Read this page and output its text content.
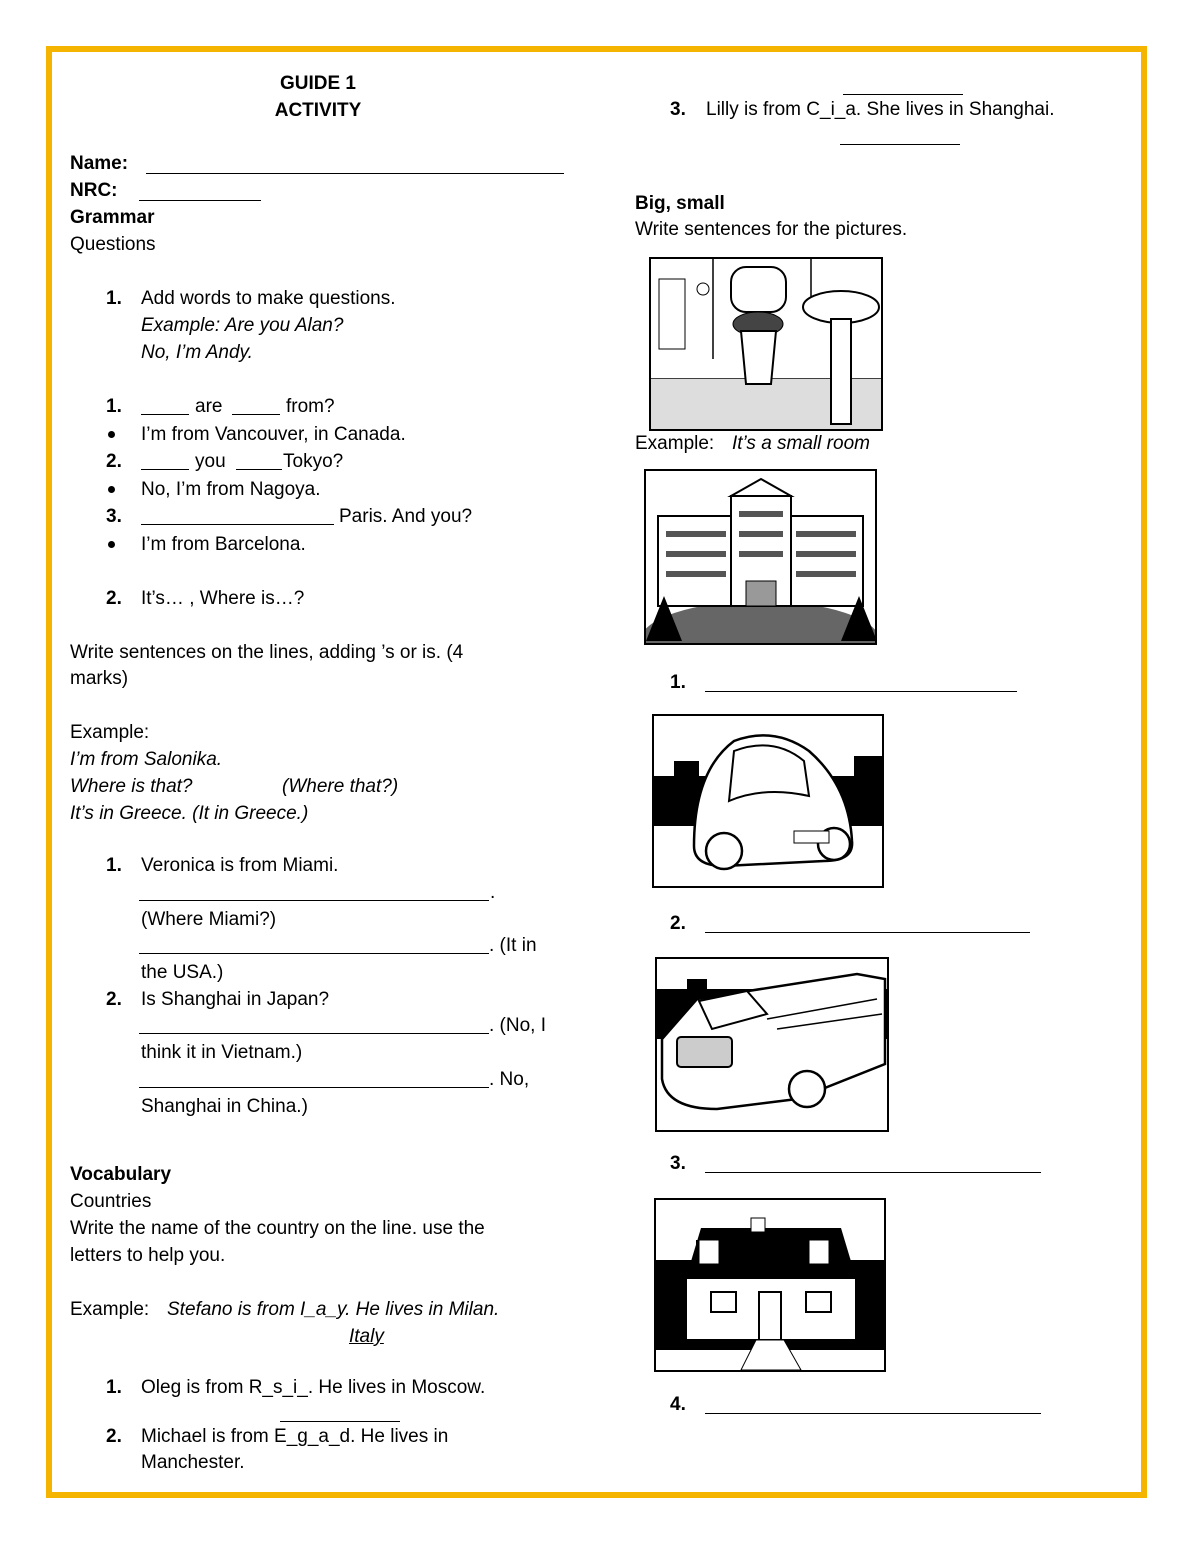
GUIDE 1
ACTIVITY
Name:
NRC:
Grammar
Questions
1. Add words to make questions.
Example: Are you Alan?
No, I’m Andy.
1.	are	from?
I’m from Vancouver, in Canada.
2.	you	Tokyo?
No, I’m from Nagoya.
3.	Paris. And you?
I’m from Barcelona.
2. It’s… , Where is…?
Write sentences on the lines, adding ’s or is. (4
marks)
Example:
I’m from Salonika.
Where is that?	(Where that?)
It’s in Greece. (It in Greece.)
1. Veronica is from Miami.
.
(Where Miami?)
. (It in
the USA.)
2. Is Shanghai in Japan?
. (No, I
think it in Vietnam.)
. No,
Shanghai in China.)
Vocabulary
Countries
Write the name of the country on the line. use the
letters to help you.
Example: Stefano is from I_a_y. He lives in Milan.
Italy
1. Oleg is from R_s_i_. He lives in Moscow.
2. Michael is from E_g_a_d. He lives in
Manchester.
3. Lilly is from C_i_a. She lives in Shanghai.
Big, small
Write sentences for the pictures.
Example: It’s a small room
1.
2.
3.
4.
